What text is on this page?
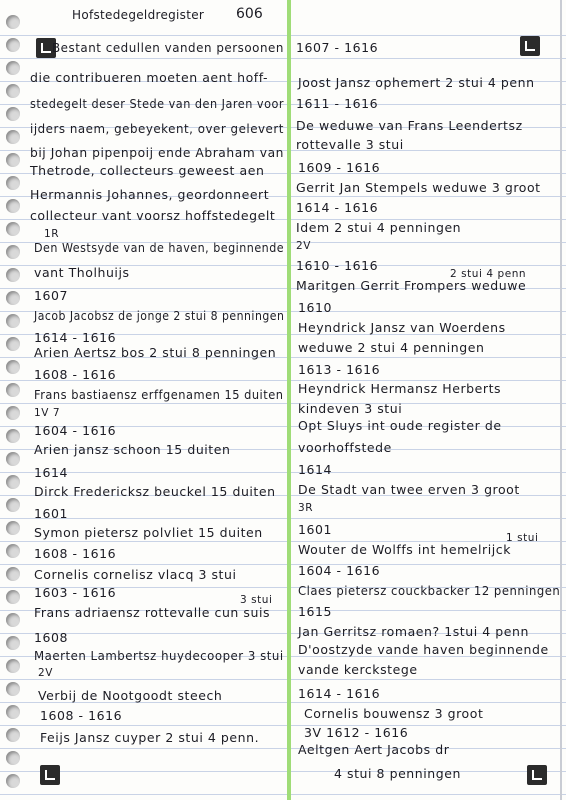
Hofstedegeldregister 606
Bestant cedullen vanden persoonen
die contribueren moeten aent hoff-
stedegelt deser Stede van den Jaren voor
ijders naem, gebeyekent, over gelevert
bij Johan pipenpoij ende Abraham van
Thetrode, collecteurs geweest aen
Hermannis Johannes, geordonneert
collecteur vant voorsz hoffstedegelt
1R
Den Westsyde van de haven, beginnende
vant Tholhuijs
1607
Jacob Jacobsz de jonge 2 stui 8 penningen
1614 - 1616
Arien Aertsz bos 2 stui 8 penningen
1608 - 1616
Frans bastiaensz erffgenamen 15 duiten
1V 7
1604 - 1616
Arien jansz schoon 15 duiten
1614
Dirck Fredericksz beuckel 15 duiten
1601
Symon pietersz polvliet 15 duiten
1608 - 1616
Cornelis cornelisz vlacq 3 stui
1603 - 1616	3 stui
Frans adriaensz rottevalle cun suis
1608
Maerten Lambertsz huydecooper 3 stui
2V
Verbij de Nootgoodt steech
1608 - 1616
Feijs Jansz cuyper 2 stui 4 penn.
1607 - 1616
Joost Jansz ophemert 2 stui 4 penn
1611 - 1616
De weduwe van Frans Leendertsz
rottevalle 3 stui
1609 - 1616
Gerrit Jan Stempels weduwe 3 groot
1614 - 1616
Idem 2 stui 4 penningen
2V
1610 - 1616
2 stui 4 penn
Maritgen Gerrit Frompers weduwe
1610
Heyndrick Jansz van Woerdens
weduwe 2 stui 4 penningen
1613 - 1616
Heyndrick Hermansz Herberts
kindeven 3 stui
Opt Sluys int oude register de
voorhoffstede
1614
De Stadt van twee erven 3 groot
3R
1601
1 stui
Wouter de Wolffs int hemelrijck
1604 - 1616
Claes pietersz couckbacker 12 penningen
1615
Jan Gerritsz romaen? 1stui 4 penn
D'oostzyde vande haven beginnende
vande kerckstege
1614 - 1616
Cornelis bouwensz 3 groot
3V 1612 - 1616
Aeltgen Aert Jacobs dr
4 stui 8 penningen
